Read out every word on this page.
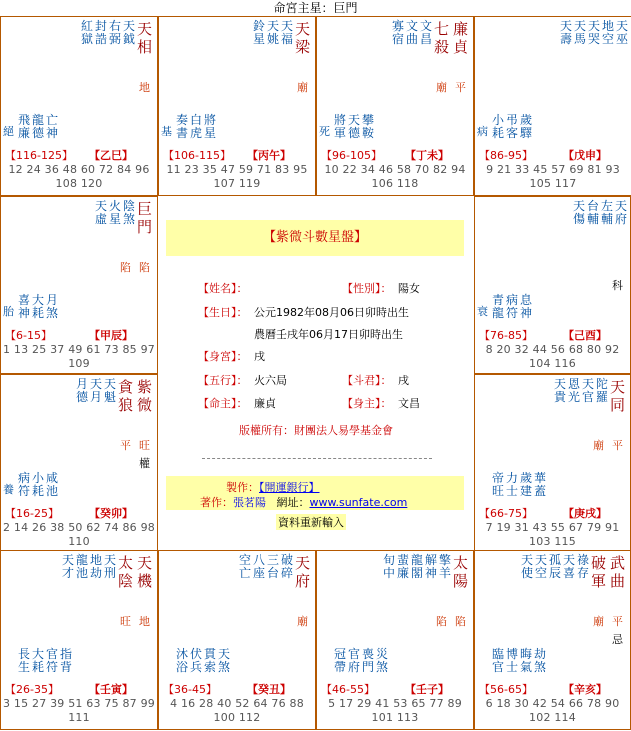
命宮主星：巨門
紅
獄
封
誥
右
弼
天
鉞
天
相
地
飛
廉
龍
德
亡
神
絕
【116-125】 【乙巳】
12 24 36 48 60 72 84 96 108 120
鈴
星
天
姚
天
福
天
梁
廟
奏
書
白
虎
將
星
基
【106-115】 【丙午】
11 23 35 47 59 71 83 95 107 119
寡
宿
文
曲
文
昌
七
殺
廉
貞
廟 平
將
軍
天
德
攀
鞍
死
【96-105】 【丁未】
10 22 34 46 58 70 82 94 106 118
天
壽
天
馬
天
哭
地
空
天
巫
小
耗
弔
客
歲
驛
病
【86-95】	【戊申】
9 21 33 45 57 69 81 93 105 117
天
虛
火
星
陰
煞
巨
門
陷 陷
喜
神
大
耗
月
煞
胎
【6-15】	【甲辰】
1 13 25 37 49 61 73 85 97 109
月
德
天
月
天
魁
貪
狼
紫
微
平 旺
權
病
符
小
耗
咸
池
養
【16-25】	【癸卯】
2 14 26 38 50 62 74 86 98 110
天
傷
台
輔
左
輔
天
府
科
青
龍
病
符
息
神
衰
【76-85】	【己酉】
8 20 32 44 56 68 80 92 104 116
天
貴
恩
光
天
官
陀
羅
天
同
廟 平
帝
旺
力
士
歲
建
華
蓋
【66-75】	【庚戌】
7 19 31 43 55 67 79 91 103 115
天
才
龍
池
地
劫
天
刑
太
陰
天
機
旺 地
長
生
大
耗
官
符
指
背
【26-35】	【壬寅】
3 15 27 39 51 63 75 87 99 111
空
亡
八
座
三
台
破
碎
天
府
廟
沐
浴
伏
兵
貫
索
天
煞
【36-45】	【癸丑】
4 16 28 40 52 64 76 88 100 112
旬
中
蜚
廉
龍
閣
解
神
擎
羊
太
陽
陷 陷
冠
帶
官
府
喪
門
災
煞
【46-55】	【壬子】
5 17 29 41 53 65 77 89 101 113
天
使
天
空
孤
辰
天
喜
祿
存
破
軍
武
曲
廟 平
忌
臨
官
博
士
晦
氣
劫
煞
【56-65】	【辛亥】
6 18 30 42 54 66 78 90 102 114
【紫微斗數星盤】
【姓名】：	【性別】： 陽女
【生日】： 公元1982年08月06日卯時出生
農曆壬戌年06月17日卯時出生
【身宮】： 戌
【五行】： 火六局	【斗君】： 戌
【命主】： 廉貞	【身主】： 文昌
版權所有：財團法人易學基金會
製作：【開運銀行】
著作：張茗陽 網址：www.sunfate.com
資料重新輸入
